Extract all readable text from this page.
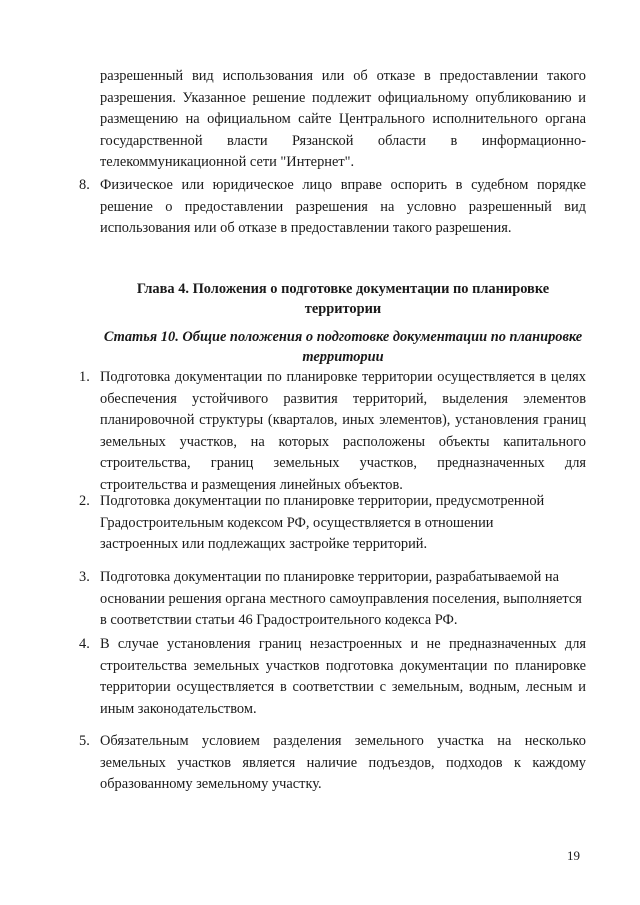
разрешенный вид использования или об отказе в предоставлении такого разрешения. Указанное решение подлежит официальному опубликованию и размещению на официальном сайте Центрального исполнительного органа государственной власти Рязанской области в информационно-телекоммуникационной сети "Интернет".
8. Физическое или юридическое лицо вправе оспорить в судебном порядке решение о предоставлении разрешения на условно разрешенный вид использования или об отказе в предоставлении такого разрешения.
Глава 4. Положения о подготовке документации по планировке территории
Статья 10. Общие положения о подготовке документации по планировке территории
1. Подготовка документации по планировке территории осуществляется в целях обеспечения устойчивого развития территорий, выделения элементов планировочной структуры (кварталов, иных элементов), установления границ земельных участков, на которых расположены объекты капитального строительства, границ земельных участков, предназначенных для строительства и размещения линейных объектов.
2. Подготовка документации по планировке территории, предусмотренной Градостроительным кодексом РФ, осуществляется в отношении застроенных или подлежащих застройке территорий.
3. Подготовка документации по планировке территории, разрабатываемой на основании решения органа местного самоуправления поселения, выполняется в соответствии статьи 46 Градостроительного кодекса РФ.
4. В случае установления границ незастроенных и не предназначенных для строительства земельных участков подготовка документации по планировке территории осуществляется в соответствии с земельным, водным, лесным и иным законодательством.
5. Обязательным условием разделения земельного участка на несколько земельных участков является наличие подъездов, подходов к каждому образованному земельному участку.
19
